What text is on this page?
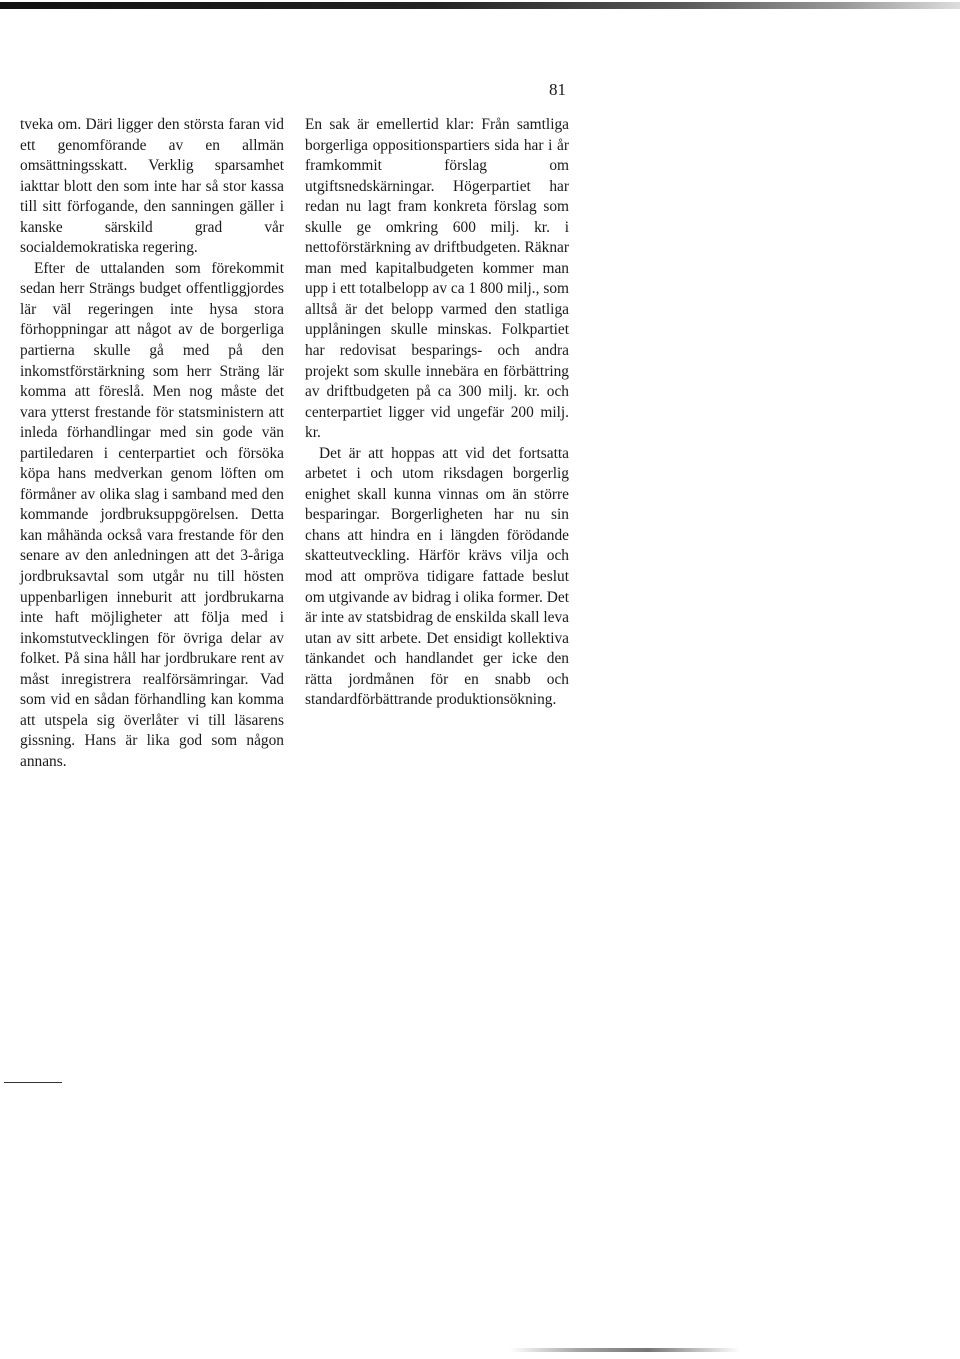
81

tveka om. Däri ligger den största faran vid ett genomförande av en allmän omsättningsskatt. Verklig sparsamhet iakttar blott den som inte har så stor kassa till sitt förfogande, den sanningen gäller i kanske särskild grad vår socialdemokratiska regering.

Efter de uttalanden som förekommit sedan herr Strängs budget offentliggjordes lär väl regeringen inte hysa stora förhoppningar att något av de borgerliga partierna skulle gå med på den inkomstförstärkning som herr Sträng lär komma att föreslå. Men nog måste det vara ytterst frestande för statsministern att inleda förhandlingar med sin gode vän partiledaren i centerpartiet och försöka köpa hans medverkan genom löften om förmåner av olika slag i samband med den kommande jordbruksuppgörelsen. Detta kan måhända också vara frestande för den senare av den anledningen att det 3-åriga jordbruksavtal som utgår nu till hösten uppenbarligen inneburit att jordbrukarna inte haft möjligheter att följa med i inkomstutvecklingen för övriga delar av folket. På sina håll har jordbrukare rent av måst inregistrera realförsämringar. Vad som vid en sådan förhandling kan komma att utspela sig överlåter vi till läsarens gissning. Hans är lika god som någon annans.

En sak är emellertid klar: Från samtliga borgerliga oppositionspartiers sida har i år framkommit förslag om utgiftsnedskärningar. Högerpartiet har redan nu lagt fram konkreta förslag som skulle ge omkring 600 milj. kr. i nettoförstärkning av driftbudgeten. Räknar man med kapitalbudgeten kommer man upp i ett totalbelopp av ca 1 800 milj., som alltså är det belopp varmed den statliga upplåningen skulle minskas. Folkpartiet har redovisat besparings- och andra projekt som skulle innebära en förbättring av driftbudgeten på ca 300 milj. kr. och centerpartiet ligger vid ungefär 200 milj. kr.

Det är att hoppas att vid det fortsatta arbetet i och utom riksdagen borgerlig enighet skall kunna vinnas om än större besparingar. Borgerligheten har nu sin chans att hindra en i längden förödande skatteutveckling. Härför krävs vilja och mod att ompröva tidigare fattade beslut om utgivande av bidrag i olika former. Det är inte av statsbidrag de enskilda skall leva utan av sitt arbete. Det ensidigt kollektiva tänkandet och handlandet ger icke den rätta jordmånen för en snabb och standardförbättrande produktionsökning.
